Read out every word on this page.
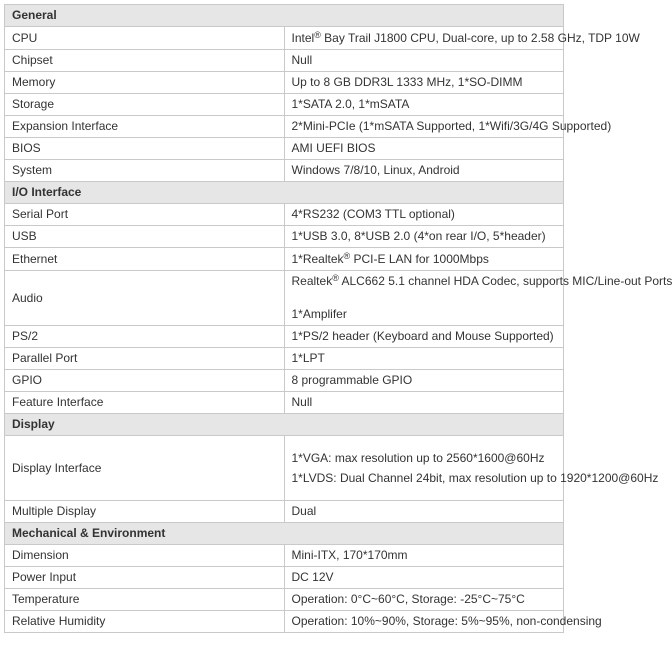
General	
CPU	Intel® Bay Trail J1800 CPU, Dual-core, up to 2.58 GHz, TDP 10W
Chipset	Null
Memory	Up to 8 GB DDR3L 1333 MHz, 1*SO-DIMM
Storage	1*SATA 2.0, 1*mSATA
Expansion Interface	2*Mini-PCIe (1*mSATA Supported, 1*Wifi/3G/4G Supported)
BIOS	AMI UEFI BIOS
System	Windows 7/8/10, Linux, Android
I/O Interface	
Serial Port	4*RS232 (COM3 TTL optional)
USB	1*USB 3.0, 8*USB 2.0 (4*on rear I/O, 5*header)
Ethernet	1*Realtek® PCI-E LAN for 1000Mbps
Audio	Realtek® ALC662 5.1 channel HDA Codec, supports MIC/Line-out Ports
1*Amplifer

PS/2	1*PS/2 header (Keyboard and Mouse Supported)
Parallel Port	1*LPT
GPIO	8 programmable GPIO
Feature Interface	Null
Display	
Display Interface	1*VGA: max resolution up to 2560*1600@60Hz
1*LVDS: Dual Channel 24bit, max resolution up to 1920*1200@60Hz

Multiple Display	Dual
Mechanical & Environment	
Dimension	Mini-ITX, 170*170mm
Power Input	DC 12V
Temperature	Operation: 0°C~60°C, Storage: -25°C~75°C
Relative Humidity	Operation: 10%~90%, Storage: 5%~95%, non-condensing
